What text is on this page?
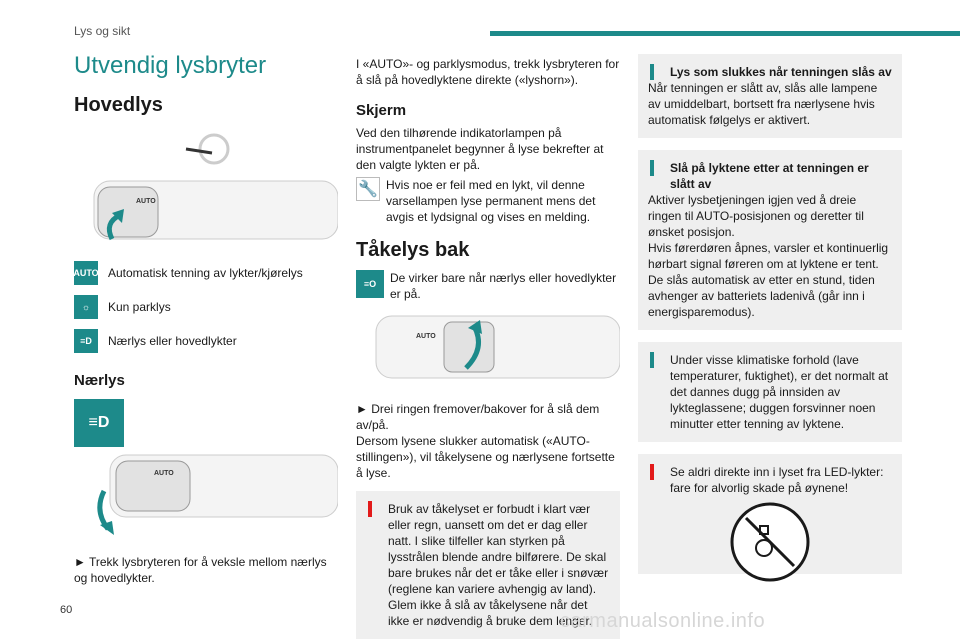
Lys og sikt
Utvendig lysbryter
Hovedlys
AUTO
AUTO Automatisk tenning av lykter/kjørelys
☼	Kun parklys
≡D	Nærlys eller hovedlykter
Nærlys
≡D
AUTO

► Trekk lysbryteren for å veksle mellom nærlys og hovedlykter.

I «AUTO»- og parklysmodus, trekk lysbryteren for å slå på hovedlyktene direkte («lyshorn»).

Skjerm

Ved den tilhørende indikatorlampen på instrumentpanelet begynner å lyse bekrefter at den valgte lykten er på.

🔧 Hvis noe er feil med en lykt, vil denne varsellampen lyse permanent mens det avgis et lydsignal og vises en melding.

Tåkelys bak
≡O	De virker bare når nærlys eller hovedlykter er på.

AUTO

► Drei ringen fremover/bakover for å slå dem av/på.
Dersom lysene slukker automatisk («AUTO-stillingen»), vil tåkelysene og nærlysene fortsette å lyse.

Bruk av tåkelyset er forbudt i klart vær eller regn, uansett om det er dag eller natt. I slike tilfeller kan styrken på lysstrålen blende andre bilførere. De skal bare brukes når det er tåke eller i snøvær (reglene kan variere avhengig av land).
Glem ikke å slå av tåkelysene når det ikke er nødvendig å bruke dem lenger.

Lys som slukkes når tenningen slås av

Når tenningen er slått av, slås alle lampene av umiddelbart, bortsett fra nærlysene hvis automatisk følgelys er aktivert.

Slå på lyktene etter at tenningen er slått av

Aktiver lysbetjeningen igjen ved å dreie ringen til AUTO-posisjonen og deretter til ønsket posisjon.
Hvis førerdøren åpnes, varsler et kontinuerlig hørbart signal føreren om at lyktene er tent. De slås automatisk av etter en stund, tiden avhenger av batteriets ladenivå (går inn i energisparemodus).

Under visse klimatiske forhold (lave temperaturer, fuktighet), er det normalt at det dannes dugg på innsiden av lykteglassene; duggen forsvinner noen minutter etter tenning av lyktene.

Se aldri direkte inn i lyset fra LED-lykter: fare for alvorlig skade på øynene!

60	carmanualsonline.info
